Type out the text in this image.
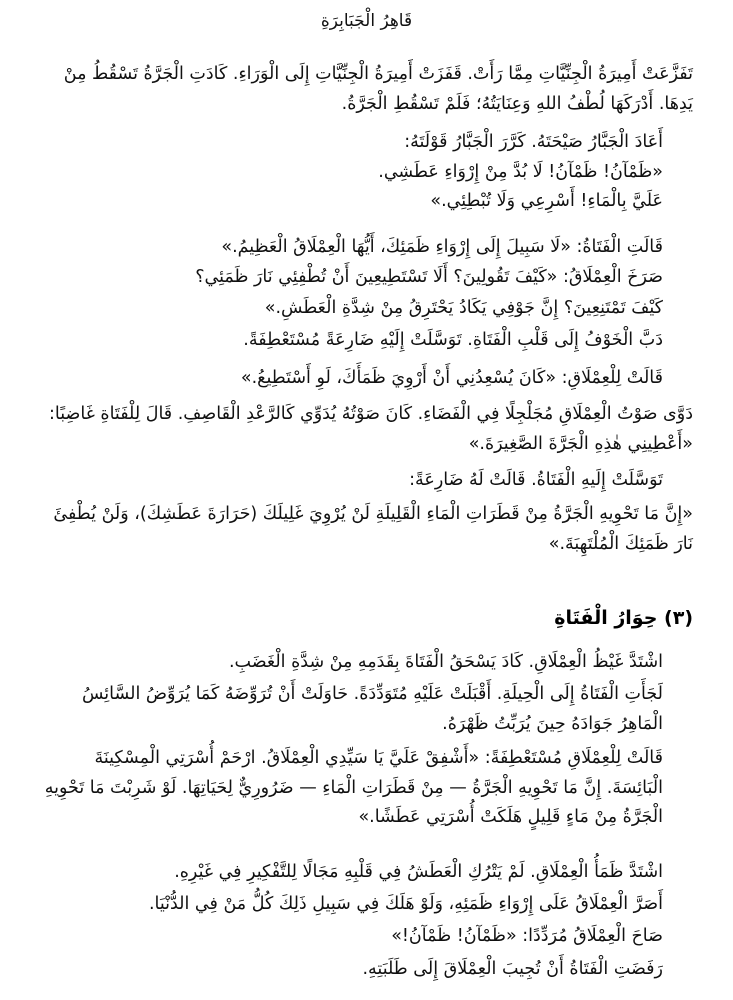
قَاهِرُ الْجَبَابِرَةِ

تَفَزَّعَتْ أَمِيرَةُ الْجِنِّيَّاتِ مِمَّا رَأَتْ. قَفَزَتْ أَمِيرَةُ الْجِنِّيَّاتِ إِلَى الْوَرَاءِ. كَادَتِ الْجَرَّةُ تَسْقُطُ مِنْ يَدِهَا. أَدْرَكَهَا لُطْفُ اللهِ وَعِنَايَتُهُ؛ فَلَمْ تَسْقُطِ الْجَرَّةُ.

أَعَادَ الْجَبَّارُ صَيْحَتَهُ. كَرَّرَ الْجَبَّارُ قَوْلَتَهُ:

«ظَمْآنُ! ظَمْآنُ! لَا بُدَّ مِنْ إِرْوَاءِ عَطَشِي.

عَلَيَّ بِالْمَاءِ! أَسْرِعِي وَلَا تُبْطِئِي.»

قَالَتِ الْفَتَاةُ: «لَا سَبِيلَ إِلَى إِرْوَاءِ ظَمَئِكَ، أَيُّهَا الْعِمْلَاقُ الْعَظِيمُ.»

صَرَخَ الْعِمْلَاقُ: «كَيْفَ تَقُولِينَ؟ أَلَا تَسْتَطِيعِينَ أَنْ تُطْفِئِي نَارَ ظَمَئِي؟

كَيْفَ تَمْتَنِعِينَ؟ إِنَّ جَوْفِي يَكَادُ يَحْتَرِقُ مِنْ شِدَّةِ الْعَطَشِ.»

دَبَّ الْخَوْفُ إِلَى قَلْبِ الْفَتَاةِ. تَوَسَّلَتْ إِلَيْهِ ضَارِعَةً مُسْتَعْطِفَةً.

قَالَتْ لِلْعِمْلَاقِ: «كَانَ يُسْعِدُنِي أَنْ أَرْوِيَ ظَمَأَكَ، لَوِ أَسْتَطِيعُ.»

دَوَّى صَوْتُ الْعِمْلَاقِ مُجَلْجِلًا فِي الْفَضَاءِ. كَانَ صَوْتُهُ يُدَوِّي كَالرَّعْدِ الْقَاصِفِ. قَالَ لِلْفَتَاةِ غَاضِبًا: «أَعْطِينِي هٰذِهِ الْجَرَّةَ الصَّغِيرَةَ.»

تَوَسَّلَتْ إِلَيهِ الْفَتَاةُ. قَالَتْ لَهُ ضَارِعَةً:

«إِنَّ مَا تَحْوِيهِ الْجَرَّةُ مِنْ قَطَرَاتِ الْمَاءِ الْقَلِيلَةِ لَنْ يُرْوِيَ غَلِيلَكَ (حَرَارَةَ عَطَشِكَ)، وَلَنْ يُطْفِئَ نَارَ ظَمَئِكَ الْمُلْتَهِبَةَ.»

(٣) حِوَارُ الْفَتَاةِ

اشْتَدَّ غَيْظُ الْعِمْلَاقِ. كَادَ يَسْحَقُ الْفَتَاةَ بِقَدَمِهِ مِنْ شِدَّةِ الْغَضَبِ.

لَجَأَتِ الْفَتَاةُ إِلَى الْحِيلَةِ. أَقْبَلَتْ عَلَيْهِ مُتَوَدِّدَةً. حَاوَلَتْ أَنْ تُرَوِّضَهُ كَمَا يُرَوِّضُ السَّائِسُ الْمَاهِرُ جَوَادَهُ حِينَ يُرَبِّتُ ظَهْرَهُ.

قَالَتْ لِلْعِمْلَاقِ مُسْتَعْطِفَةً: «أَشْفِقْ عَلَيَّ يَا سَيِّدِي الْعِمْلَاقُ. ارْحَمْ أُسْرَتِي الْمِسْكِينَةَ الْبَائِسَةَ. إِنَّ مَا تَحْوِيهِ الْجَرَّةُ — مِنْ قَطَرَاتِ الْمَاءِ — ضَرُورِيٌّ لِحَيَاتِهَا. لَوْ شَرِبْتَ مَا تَحْوِيهِ الْجَرَّةُ مِنْ مَاءٍ قَلِيلٍ هَلَكَتْ أُسْرَتِي عَطَشًا.»

اشْتَدَّ ظَمَأُ الْعِمْلَاقِ. لَمْ يَتْرُكِ الْعَطَشُ فِي قَلْبِهِ مَجَالًا لِلتَّفْكِيرِ فِي غَيْرِهِ.

أَصَرَّ الْعِمْلَاقُ عَلَى إِرْوَاءِ ظَمَئِهِ، وَلَوْ هَلَكَ فِي سَبِيلِ ذَلِكَ كُلُّ مَنْ فِي الدُّنْيَا.

صَاحَ الْعِمْلَاقُ مُرَدِّدًا: «ظَمْآنُ! ظَمْآنُ!»

رَفَضَتِ الْفَتَاةُ أَنْ تُجِيبَ الْعِمْلَاقَ إِلَى طَلَبَتِهِ.
